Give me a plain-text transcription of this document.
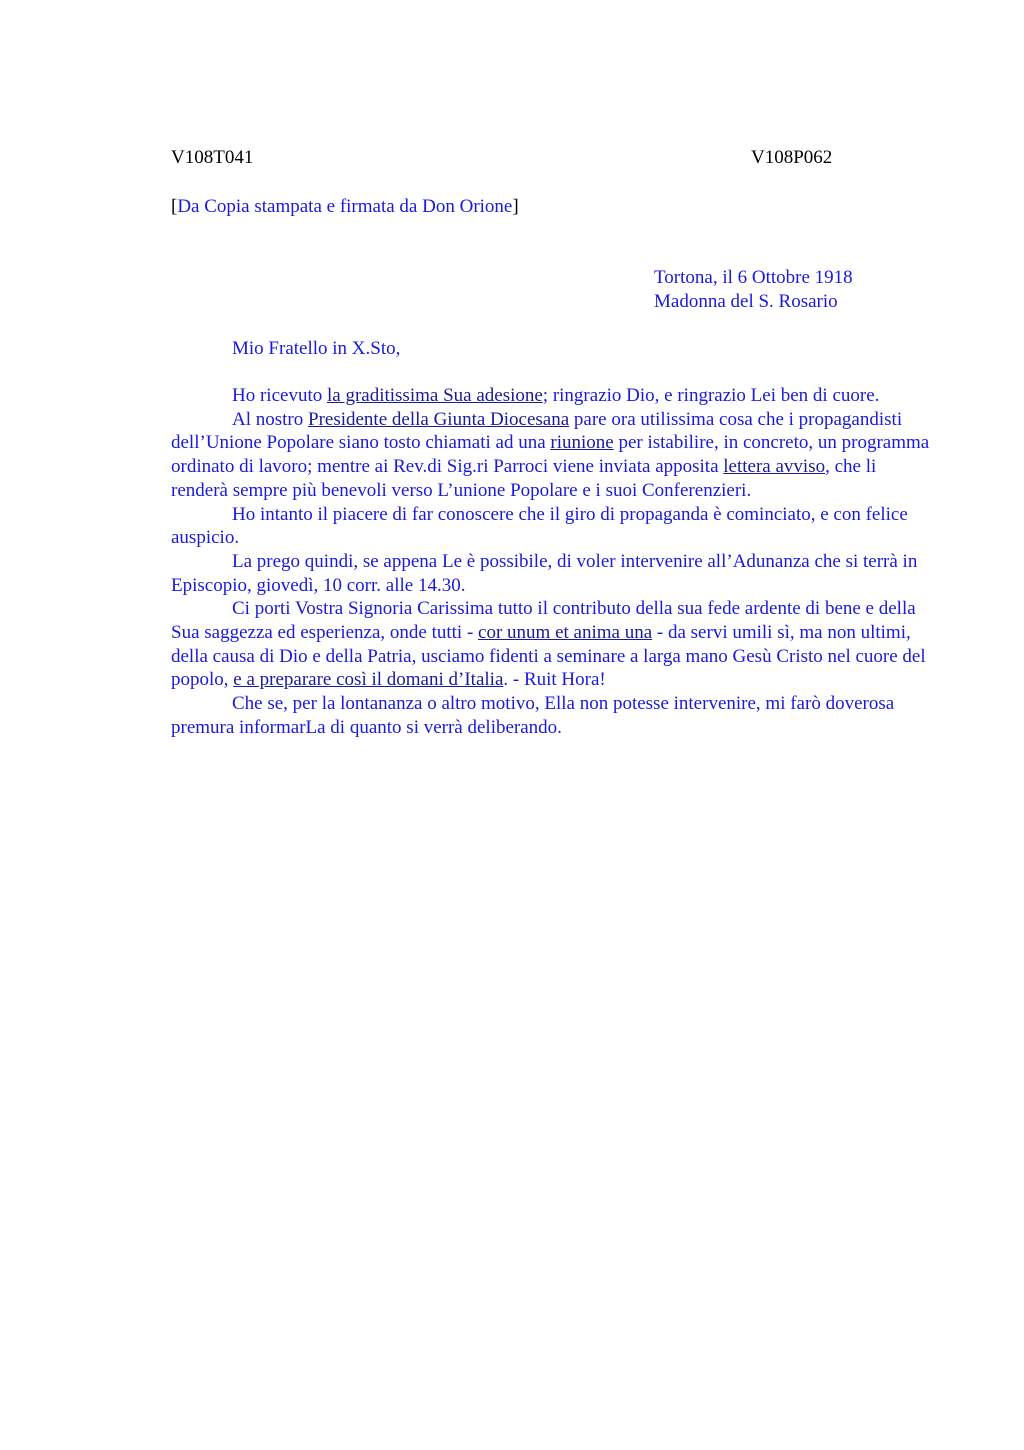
V108T041	V108P062
[Da Copia stampata e firmata da Don Orione]
Tortona, il 6 Ottobre 1918
Madonna del S. Rosario
Mio Fratello in X.Sto,

Ho ricevuto la graditissima Sua adesione; ringrazio Dio, e ringrazio Lei ben di cuore.

Al nostro Presidente della Giunta Diocesana pare ora utilissima cosa che i propagandisti dell’Unione Popolare siano tosto chiamati ad una riunione per istabilire, in concreto, un programma ordinato di lavoro; mentre ai Rev.di Sig.ri Parroci viene inviata apposita lettera avviso, che li renderà sempre più benevoli verso L’unione Popolare e i suoi Conferenzieri.

Ho intanto il piacere di far conoscere che il giro di propaganda è cominciato, e con felice auspicio.

La prego quindi, se appena Le è possibile, di voler intervenire all’Adunanza che si terrà in Episcopio, giovedì, 10 corr. alle 14.30.

Ci porti Vostra Signoria Carissima tutto il contributo della sua fede ardente di bene e della Sua saggezza ed esperienza, onde tutti - cor unum et anima una - da servi umili sì, ma non ultimi, della causa di Dio e della Patria, usciamo fidenti a seminare a larga mano Gesù Cristo nel cuore del popolo, e a preparare così il domani d’Italia. - Ruit Hora!

Che se, per la lontananza o altro motivo, Ella non potesse intervenire, mi farò doverosa premura informarLa di quanto si verrà deliberando.
